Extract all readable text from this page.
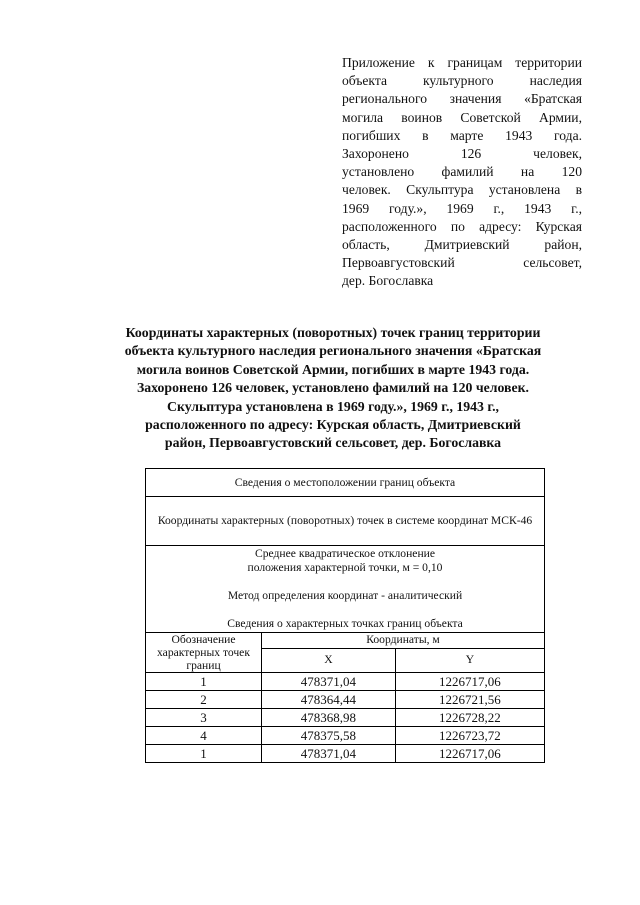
Приложение к границам территории
объекта культурного наследия
регионального значения «Братская
могила воинов Советской Армии,
погибших в марте 1943 года.
Захоронено 126 человек,
установлено фамилий на 120
человек. Скульптура установлена в
1969 году.», 1969 г., 1943 г.,
расположенного по адресу: Курская
область, Дмитриевский район,
Первоавгустовский сельсовет,
дер. Богославка
Координаты характерных (поворотных) точек границ территории
объекта культурного наследия регионального значения «Братская
могила воинов Советской Армии, погибших в марте 1943 года.
Захоронено 126 человек, установлено фамилий на 120 человек.
Скульптура установлена в 1969 году.», 1969 г., 1943 г.,
расположенного по адресу: Курская область, Дмитриевский
район, Первоавгустовский сельсовет, дер. Богославка
Сведения о местоположении границ объекта		
Координаты характерных (поворотных) точек в системе координат МСК-46		

Среднее квадратическое отклонение
положения характерной точки, м = 0,10
Метод определения координат - аналитический
Сведения о характерных точках границ объекта		

Обозначение характерных точек границ	Координаты, м	
	X	Y
1	478371,04	1226717,06
2	478364,44	1226721,56
3	478368,98	1226728,22
4	478375,58	1226723,72
1	478371,04	1226717,06
